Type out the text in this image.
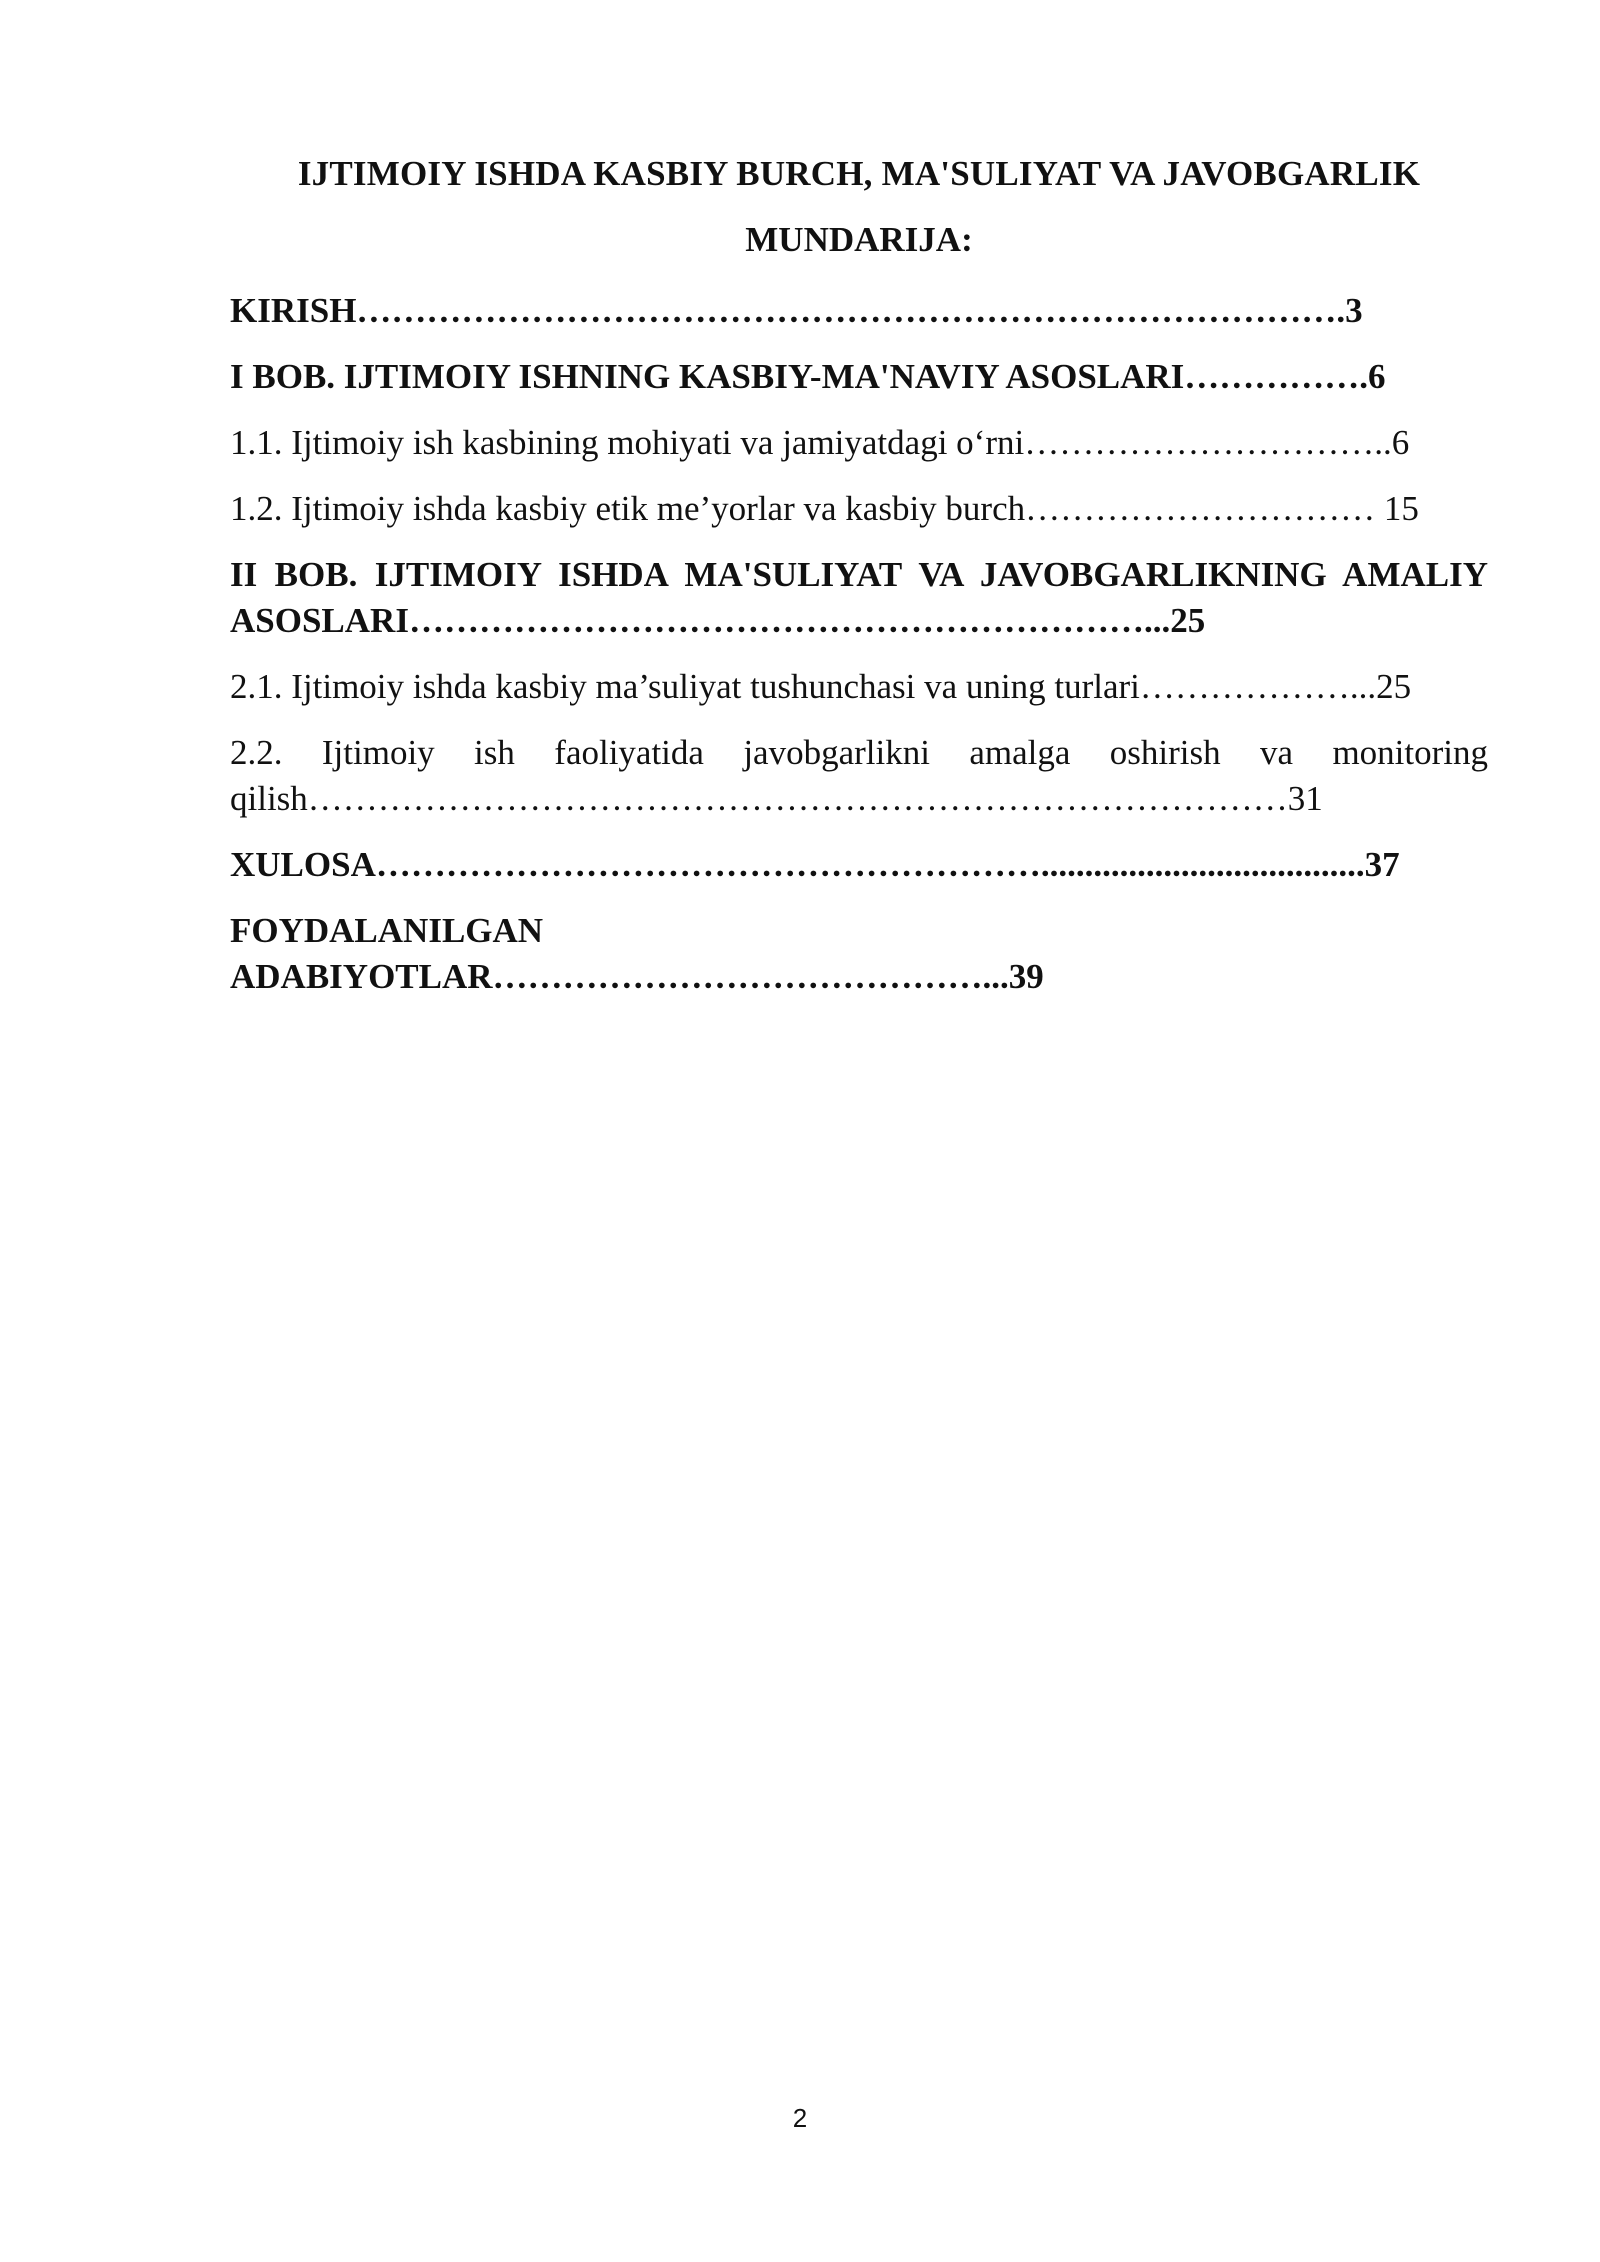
IJTIMOIY ISHDA KASBIY BURCH, MA'SULIYAT VA JAVOBGARLIK

MUNDARIJA:

KIRISH………………………………………………………………………….3

I BOB. IJTIMOIY ISHNING KASBIY-MA'NAVIY ASOSLARI…………….6

1.1. Ijtimoiy ish kasbining mohiyati va jamiyatdagi o‘rni…………………………..6

1.2. Ijtimoiy ishda kasbiy etik me’yorlar va kasbiy burch………………………… 15

II BOB. IJTIMOIY ISHDA MA'SULIYAT VA JAVOBGARLIKNING AMALIY ASOSLARI………………………………………………………...25

2.1. Ijtimoiy ishda kasbiy ma’suliyat tushunchasi va uning turlari………………...25

2.2. Ijtimoiy ish faoliyatida javobgarlikni amalga oshirish va monitoring qilish…………………………………………………………………………31

XULOSA………………………………………………….....................................37

FOYDALANILGAN ADABIYOTLAR……………………………………...39

2
